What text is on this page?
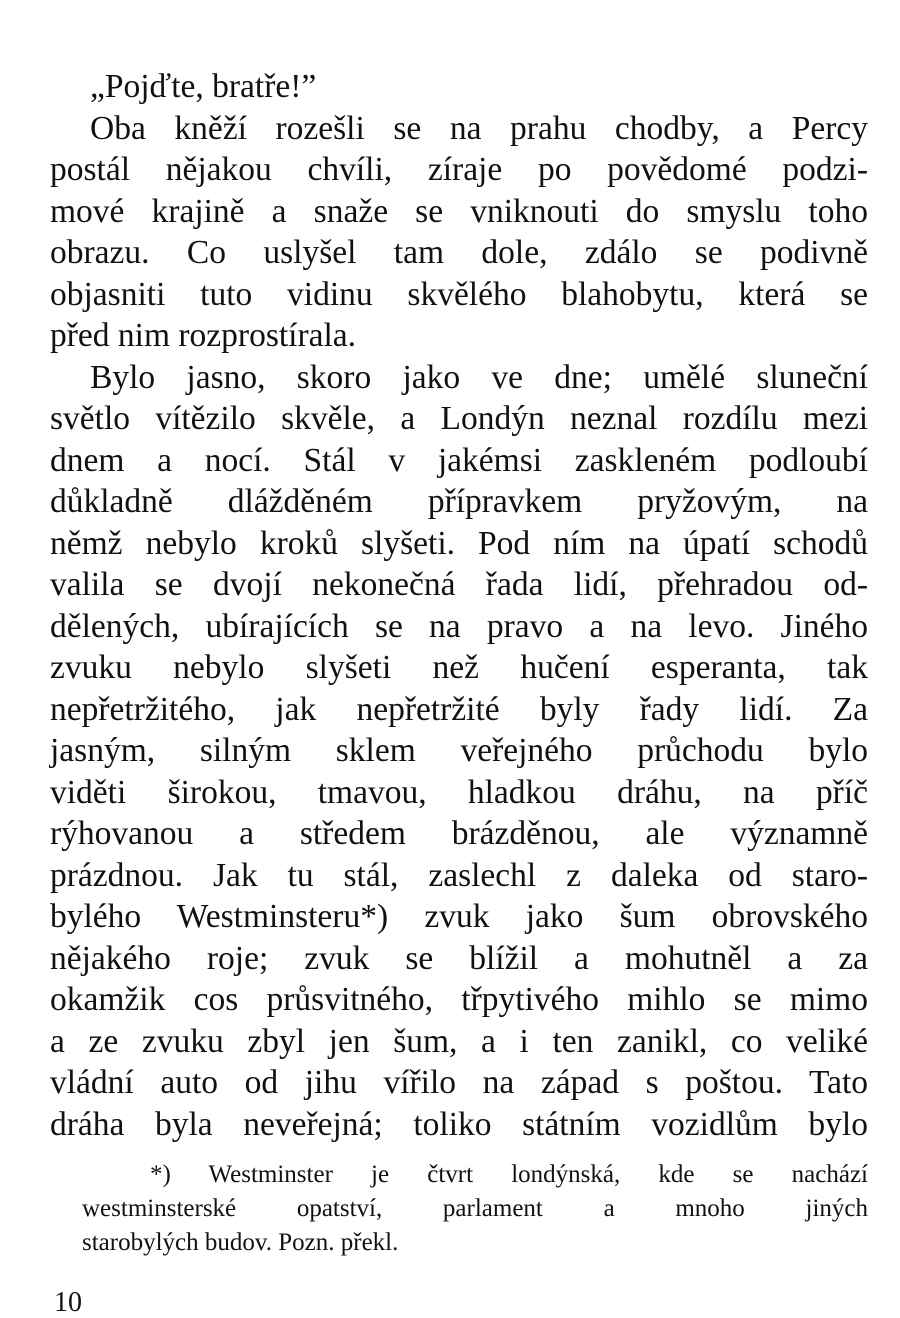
„Pojďte, bratře!”
Oba kněží rozešli se na prahu chodby, a Percy
postál nějakou chvíli, zíraje po povědomé podzi-
mové krajině a snaže se vniknouti do smyslu toho
obrazu. Co uslyšel tam dole, zdálo se podivně
objasniti tuto vidinu skvělého blahobytu, která se
před nim rozprostírala.
Bylo jasno, skoro jako ve dne; umělé sluneční
světlo vítězilo skvěle, a Londýn neznal rozdílu mezi
dnem a nocí. Stál v jakémsi zaskleném podloubí
důkladně dlážděném přípravkem pryžovým, na
němž nebylo kroků slyšeti. Pod ním na úpatí schodů
valila se dvojí nekonečná řada lidí, přehradou od-
dělených, ubírajících se na pravo a na levo. Jiného
zvuku nebylo slyšeti než hučení esperanta, tak
nepřetržitého, jak nepřetržité byly řady lidí. Za
jasným, silným sklem veřejného průchodu bylo
viděti širokou, tmavou, hladkou dráhu, na příč
rýhovanou a středem brázděnou, ale významně
prázdnou. Jak tu stál, zaslechl z daleka od staro-
bylého Westminsteru*) zvuk jako šum obrovského
nějakého roje; zvuk se blížil a mohutněl a za
okamžik cos průsvitného, třpytivého mihlo se mimo
a ze zvuku zbyl jen šum, a i ten zanikl, co veliké
vládní auto od jihu vířilo na západ s poštou. Tato
dráha byla neveřejná; toliko státním vozidlům bylo
*) Westminster je čtvrt londýnská, kde se nachází
westminsterské opatství, parlament a mnoho jiných
starobylých budov. Pozn. překl.
10
